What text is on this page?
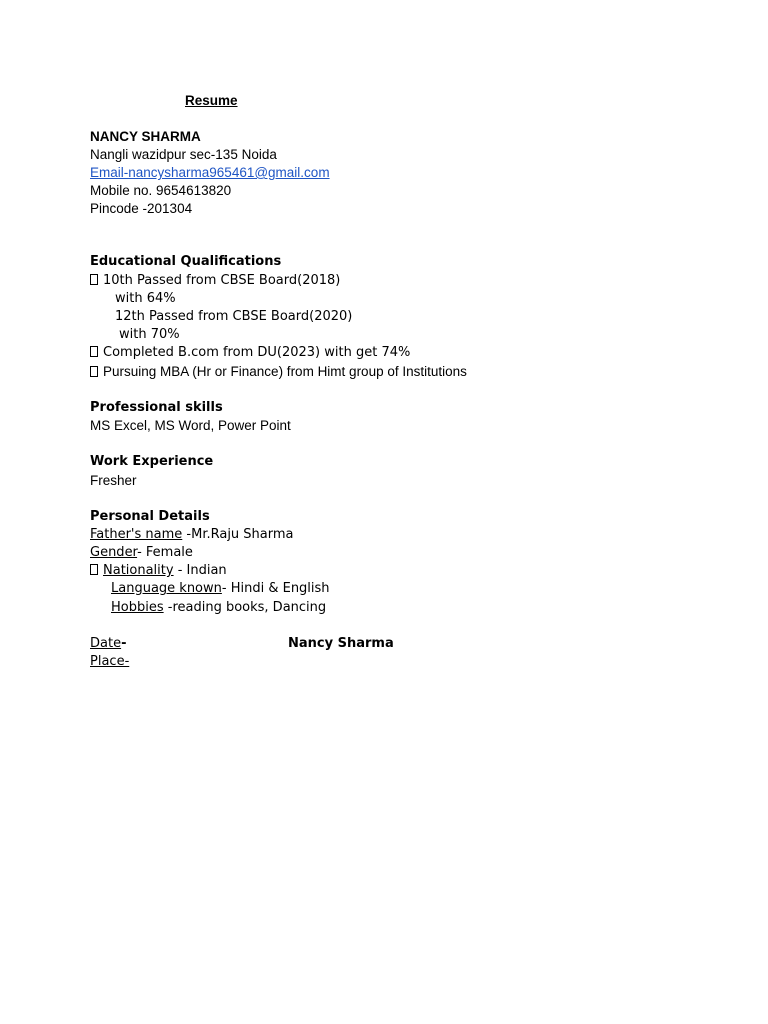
Resume
NANCY SHARMA
Nangli wazidpur sec-135 Noida
Email-nancysharma965461@gmail.com
Mobile no. 9654613820
Pincode -201304
Educational Qualifications
10th Passed from CBSE Board(2018)
with 64%
12th Passed from CBSE Board(2020)
with 70%
Completed B.com from DU(2023) with get 74%
Pursuing MBA (Hr or Finance) from Himt group of Institutions
Professional skills
MS Excel, MS Word, Power Point
Work Experience
Fresher
Personal Details
Father's name -Mr.Raju Sharma
Gender- Female
Nationality - Indian
Language known- Hindi & English
Hobbies -reading books, Dancing
Date-	Nancy Sharma
Place-
